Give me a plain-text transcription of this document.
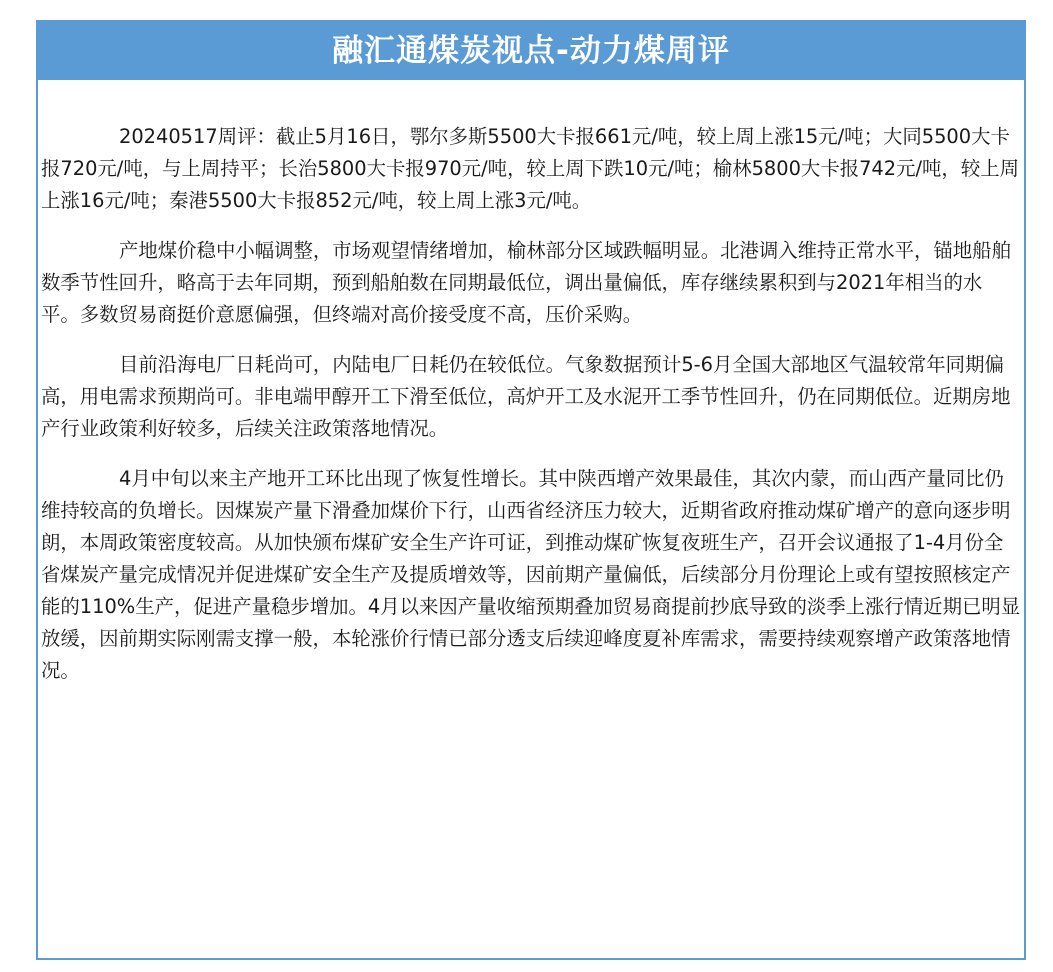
融汇通煤炭视点-动力煤周评

20240517周评：截止5月16日，鄂尔多斯5500大卡报661元/吨，较上周上涨15元/吨；大同5500大卡报720元/吨，与上周持平；长治5800大卡报970元/吨，较上周下跌10元/吨；榆林5800大卡报742元/吨，较上周上涨16元/吨；秦港5500大卡报852元/吨，较上周上涨3元/吨。

产地煤价稳中小幅调整，市场观望情绪增加，榆林部分区域跌幅明显。北港调入维持正常水平，锚地船舶数季节性回升，略高于去年同期，预到船舶数在同期最低位，调出量偏低，库存继续累积到与2021年相当的水平。多数贸易商挺价意愿偏强，但终端对高价接受度不高，压价采购。

目前沿海电厂日耗尚可，内陆电厂日耗仍在较低位。气象数据预计5-6月全国大部地区气温较常年同期偏高，用电需求预期尚可。非电端甲醇开工下滑至低位，高炉开工及水泥开工季节性回升，仍在同期低位。近期房地产行业政策利好较多，后续关注政策落地情况。

4月中旬以来主产地开工环比出现了恢复性增长。其中陕西增产效果最佳，其次内蒙，而山西产量同比仍维持较高的负增长。因煤炭产量下滑叠加煤价下行，山西省经济压力较大，近期省政府推动煤矿增产的意向逐步明朗，本周政策密度较高。从加快颁布煤矿安全生产许可证，到推动煤矿恢复夜班生产，召开会议通报了1-4月份全省煤炭产量完成情况并促进煤矿安全生产及提质增效等，因前期产量偏低，后续部分月份理论上或有望按照核定产能的110%生产，促进产量稳步增加。4月以来因产量收缩预期叠加贸易商提前抄底导致的淡季上涨行情近期已明显放缓，因前期实际刚需支撑一般，本轮涨价行情已部分透支后续迎峰度夏补库需求，需要持续观察增产政策落地情况。
